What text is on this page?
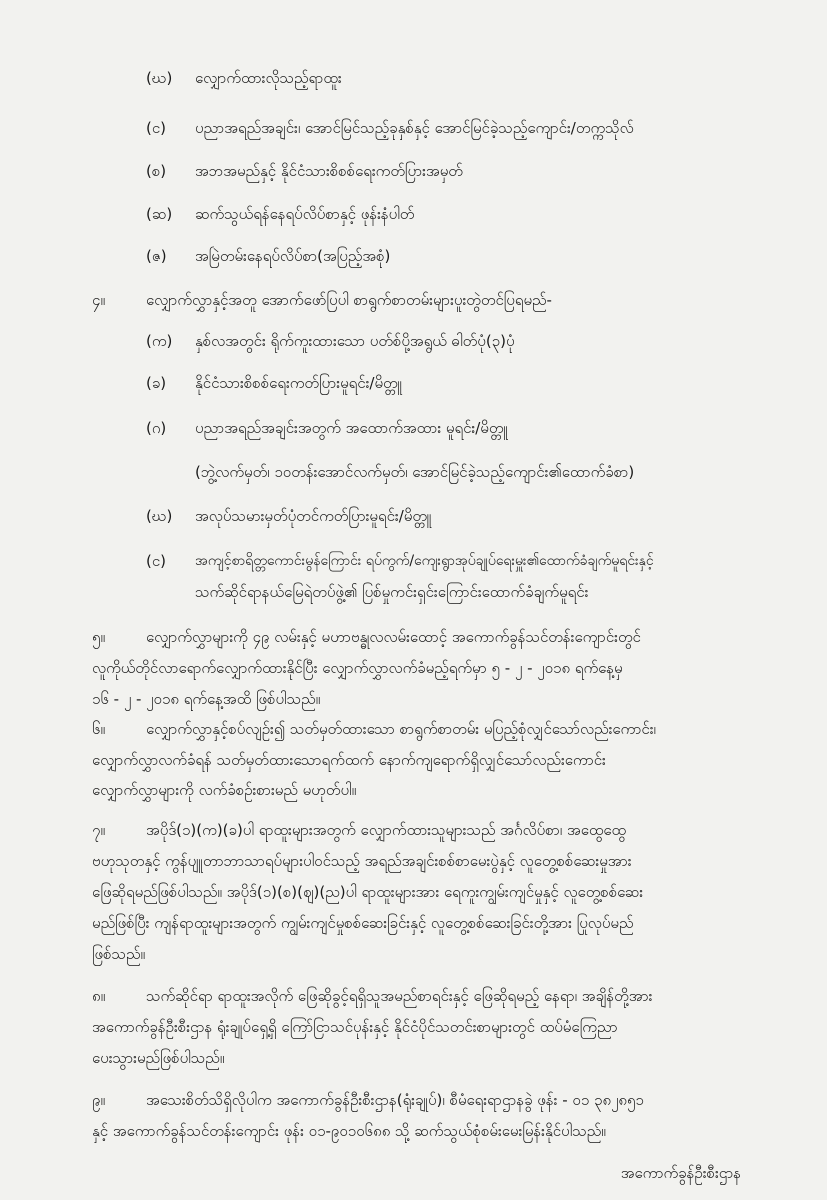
(ဃ) လျှောက်ထားလိုသည့်ရာထူး
(င) ပညာအရည်အချင်း၊ အောင်မြင်သည့်ခုနှစ်နှင့် အောင်မြင်ခဲ့သည့်ကျောင်း/တက္ကသိုလ်
(စ) အဘအမည်နှင့် နိုင်ငံသားစိစစ်ရေးကတ်ပြားအမှတ်
(ဆ) ဆက်သွယ်ရန်နေရပ်လိပ်စာနှင့် ဖုန်းနံပါတ်
(ဇ) အမြဲတမ်းနေရပ်လိပ်စာ(အပြည့်အစုံ)
၄။	လျှောက်လွှာနှင့်အတူ အောက်ဖော်ပြပါ စာရွက်စာတမ်းများပူးတွဲတင်ပြရမည်-
(က) နှစ်လအတွင်း ရိုက်ကူးထားသော ပတ်စ်ပို့အရွယ် ဓါတ်ပုံ(၃)ပုံ
(ခ) နိုင်ငံသားစိစစ်ရေးကတ်ပြားမူရင်း/မိတ္တူ
(ဂ) ပညာအရည်အချင်းအတွက် အထောက်အထား မူရင်း/မိတ္တူ
(ဘွဲ့လက်မှတ်၊ ၁၀တန်းအောင်လက်မှတ်၊ အောင်မြင်ခဲ့သည့်ကျောင်း၏ထောက်ခံစာ)
(ဃ) အလုပ်သမားမှတ်ပုံတင်ကတ်ပြားမူရင်း/မိတ္တူ
(င) အကျင့်စာရိတ္တကောင်းမွန်ကြောင်း ရပ်ကွက်/ကျေးရွာအုပ်ချုပ်ရေးမှူး၏ထောက်ခံချက်မူရင်းနှင့်
သက်ဆိုင်ရာနယ်မြေရဲတပ်ဖွဲ့၏ ပြစ်မှုကင်းရှင်းကြောင်းထောက်ခံချက်မူရင်း
၅။	လျှောက်လွှာများကို ၄၉ လမ်းနှင့် မဟာဗန္ဓုလလမ်းထောင့် အကောက်ခွန်သင်တန်းကျောင်းတွင်
လူကိုယ်တိုင်လာရောက်လျှောက်ထားနိုင်ပြီး လျှောက်လွှာလက်ခံမည့်ရက်မှာ ၅ - ၂ - ၂၀၁၈ ရက်နေ့မှ
၁၆ - ၂ - ၂၀၁၈ ရက်နေ့အထိ ဖြစ်ပါသည်။
၆။	လျှောက်လွှာနှင့်စပ်လျဉ်း၍ သတ်မှတ်ထားသော စာရွက်စာတမ်း မပြည့်စုံလျှင်သော်လည်းကောင်း၊
လျှောက်လွှာလက်ခံရန် သတ်မှတ်ထားသောရက်ထက် နောက်ကျရောက်ရှိလျှင်သော်လည်းကောင်း
လျှောက်လွှာများကို လက်ခံစဉ်းစားမည် မဟုတ်ပါ။
၇။	အပိုဒ်(၁)(က)(ခ)ပါ ရာထူးများအတွက် လျှောက်ထားသူများသည် အင်္ဂလိပ်စာ၊ အထွေထွေ
ဗဟုသုတနှင့် ကွန်ပျူတာဘာသာရပ်များပါဝင်သည့် အရည်အချင်းစစ်စာမေးပွဲနှင့် လူတွေ့စစ်ဆေးမှုအား
ဖြေဆိုရမည်ဖြစ်ပါသည်။ အပိုဒ်(၁)(စ)(ဈ)(ည)ပါ ရာထူးများအား ရေကူးကျွမ်းကျင်မှုနှင့် လူတွေ့စစ်ဆေး
မည်ဖြစ်ပြီး ကျန်ရာထူးများအတွက် ကျွမ်းကျင်မှုစစ်ဆေးခြင်းနှင့် လူတွေ့စစ်ဆေးခြင်းတို့အား ပြုလုပ်မည်
ဖြစ်သည်။
၈။	သက်ဆိုင်ရာ ရာထူးအလိုက် ဖြေဆိုခွင့်ရရှိသူအမည်စာရင်းနှင့် ဖြေဆိုရမည့် နေရာ၊ အချိန်တို့အား
အကောက်ခွန်ဦးစီးဌာန ရုံးချုပ်ရှေ့ရှိ ကြော်ငြာသင်ပုန်းနှင့် နိုင်ငံပိုင်သတင်းစာများတွင် ထပ်မံကြေညာ
ပေးသွားမည်ဖြစ်ပါသည်။
၉။	အသေးစိတ်သိရှိလိုပါက အကောက်ခွန်ဦးစီးဌာန(ရုံးချုပ်)၊ စီမံရေးရာဌာနခွဲ ဖုန်း - ၀၁ ၃၈၂၈၅၁
နှင့် အကောက်ခွန်သင်တန်းကျောင်း ဖုန်း ၀၁-၉၀၁၀၆၈၈ သို့ ဆက်သွယ်စုံစမ်းမေးမြန်းနိုင်ပါသည်။
အကောက်ခွန်ဦးစီးဌာန
